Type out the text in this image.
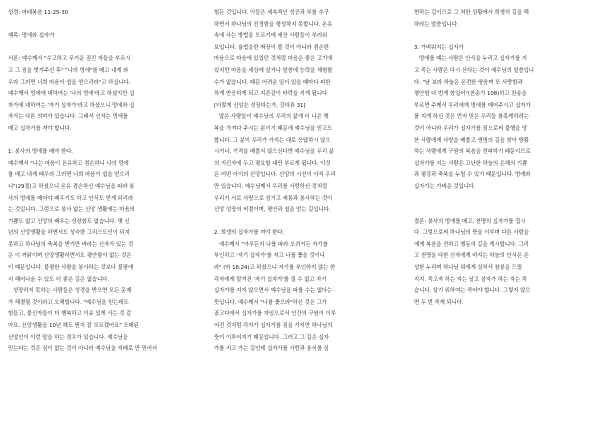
성경: 마태복음 11:25-30
제목: 멍에와 십자가
서론: 예수께서 "수고하고 무거운 짐진 자들을 부르시
고 그 짐을 벗겨주신 후" "나의 멍에"를 메고 내게 와
우라 그러면 너희 마음이 쉼을 얻으리라"고 하십니다.
예수께서 멍에에 대하여는 '나의 멍에'라고 하셨지만 십
자가에 대하여는 '자기 십자가'라고 하셨으니 멍에와 십
자가는 다른 의미가 있습니다. 그래서 신자는 멍에를
메고 십자가를 져야 합니다.
1. 봉사의 멍에를 메야 한다.
예수께서 "나는 마음이 온유하고 겸손하니 나의 멍에
를 메고 내게 배우라 그러면 너희 마음이 쉼을 얻으리
니"(29절)고 하셨으니 온유 겸손하신 예수님을 따라 봉
사의 멍에를 메어야 배우기도 하고 안식도 얻게 되리라
는 것입니다. 그럼으로 봉사 없는 신앙 생활에는 마음의
기쁨도 없고 신앙의 배우는 성장함도 없습니다. 몇 신
년의 신앙생활을 하면서도 성숙한 그리스도인이 되지
못하고 하나님의 축복을 받기만 바라는 신자가 있는 것
은 이 까닭이며 신앙생활하면서도 평안함이 없는 것은
이 때문입니다. 불평한 사람을 봉사하는 것보다 불평에
서 헤어나올 수 있도 더 좋은 길은 없습니다.
성장하지 못하는 사람들은 성경을 받으면 모든 문제
가 해결될 것이라고 오해합니다. "예수님을 믿는데도
힘들고, 불신자들이 더 행복하고 이유 있게 사는 것 같
아요. 신앙생활을 10년 해도 뭔지 잘 모르겠어요" 오래된
신앙인이 이런 말을 하는 경우가 있습니다. 예수님을
믿는다는 것은 짐이 없는 것이 아니라 예수님을 지배로 만 믿어서
힘든 것입니다. 이들은 세속적인 성공과 부를 추구
하면서 하나님의 진정함을 형성하지 못합니다. 온유
속에 사는 방법을 모르기에 세상 사람들이 부러워
보입니다. 율법을한 짜장이 볼 것이 아니라 겸손한
마음으로 마음에 있었던 것처럼 마음은 좋은 고기에
있지만 마음을 세상에 살거나 말씀에 능력을 체험할
수가 없습니다. 때문 어려운 일이 있을 때마다 피한
하게 반응하게 되고 지존감이 타락을 지게 됩니다.
[더렇게 신앙은 성장하는가, 강하류 31]
많은 사람들이 예수님의 우리의 삶에 더 나은 행
복을 가져다 주시는 분이기 때문에 예수님을 믿고도
합니다. 그 분이 우리가 가지는 대로 응답하시 않으
시거나, 기적을 베풀지 않으신다면 예수님을 우리 삶
의 지킨자에 두고 평요할 대만 부르게 됩니다. 이것
은 어떤 아이의 신앙입니다. 신앙의 시선이 아직 우리
만 있습니다. 예수님께서 우리를 사랑하신 것처럼
우리가 서로 사랑으로 섬기고 세통과 봉사하는 것이
신앙 성장의 비결이며, 평안과 쉼을 얻는 길입니다.
2. 희생의 십자가를 져야 한다.
예수께서 "아무든지 나를 따라 오려거든 자기를
부인하고 '자기 십자가'를 지고 나를 좇을 것이니
라" (마 16:24)고 하셨으니 자기를 부인하지 않는 한
각자에게 맡겨진 '자기 십자가'를 질 수 없고 자기
십자가를 지지 않으면서 예수님을 따를 수는 없다는
뜻입니다. 예수께서 "나를 좇으라"하신 것은 그가
골고다에서 십자가를 자임으로서 인간의 구원이 이루
어진 것처럼 각자가 십자가를 짐을 가지만 하나님의
뜻이 이루어지기 때문입니다. 그러고 그 길은 십자
가를 지고 가는 길인데 십자가를 사랑과 용서를 실
현하는 길이므로 그 처한 상황에서 희생의 길을 택
하라는 말씀입니다.
3. 가벼워지는 십자가
멍에를 메는 사람은 안식을 누리고 십자가를 지
고 죽는 사람은 다시 산다는 것이 예수님의 말씀입니
다. "날 보라 하늘은 온전한 땅음며 또 사랑함과
평안함 다 번게 함입어"(찬송가 108)하고 찬송을
부르면 주께서 우리에게 멍에를 메어주시고 십자가
를 지게 하신 것은 먼저 믿은 우리들 참혹케하려는
것이 아니라 우리가 십자가를 짐으로써 불행을 당
한 사람에게 사랑을 베풀고 생명의 길을 찾아 방황
하는 사람에게 구원의 복음을 전파하기 때문이므로
십자가를 지는 사람은 고난한 하늘의 은혜의 기쁨
과 평강과 축복을 누릴 수 있기 때문입니다. 멍에와
십자가는 가벼운 것입니다.
결론: 봉사의 멍에를 메고, 천명의 십자가를 집시
다. 그렇으로써 하나님의 뜻을 이루며 다른 사람을
에게 복음을 전하고 행동의 길을 게시합니다. 그리
고 천명을 다한 신자에게 마지는 하늘의 안식은 온
성한 누리며 하나님 위에게 상처서 참봉을 드릴
지지. 죽고자 하는 자는 살고 살자가 하는 자는 죽
습니다. 살기 위하여는 죽어야 합니다. 그렇지 않으
면 두 번 죽게 되니다.
